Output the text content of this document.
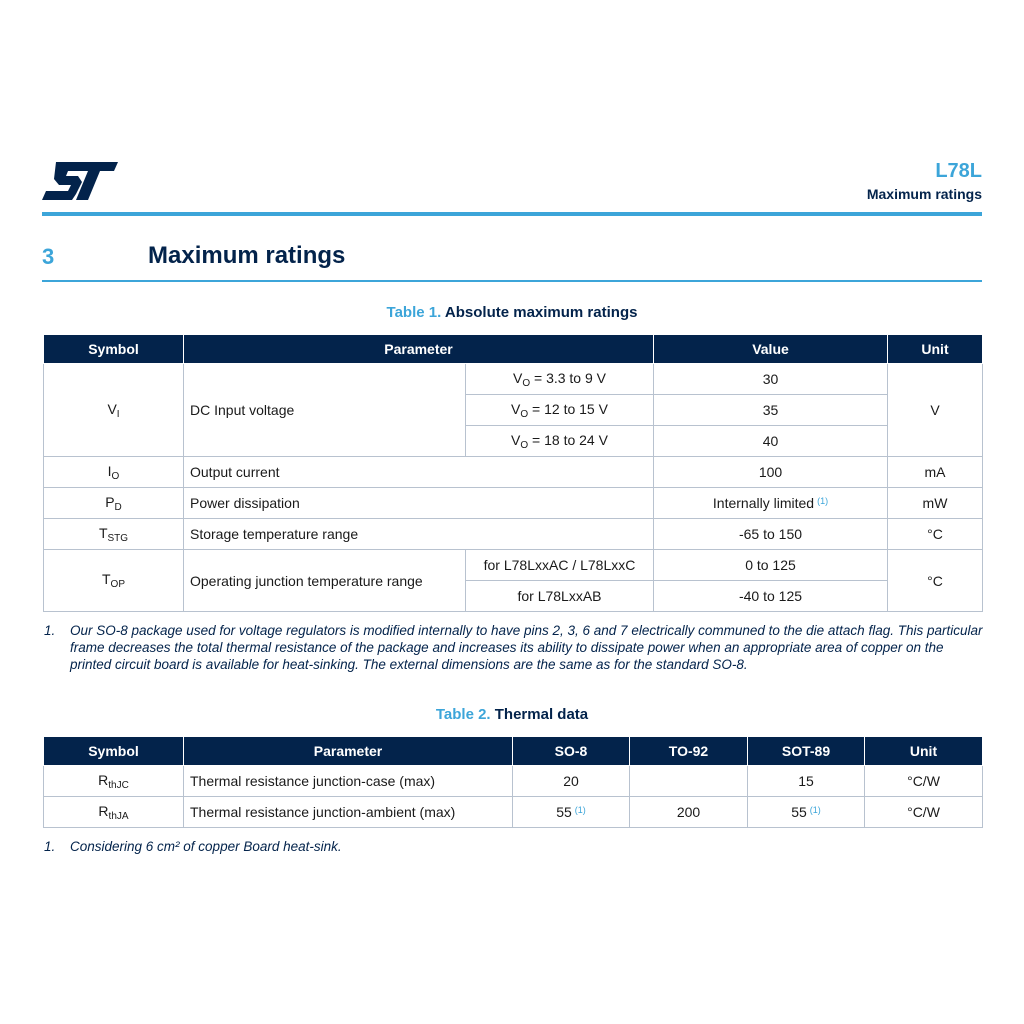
L78L
Maximum ratings
3	Maximum ratings
Table 1. Absolute maximum ratings
Symbol	Parameter		Value	Unit
$V_I$	DC Input voltage	$V_O = 3.3$ to 9 V	30	V
		$V_O = 12$ to 15 V	35	
		$V_O = 18$ to 24 V	40	
$I_O$	Output current		100	mA
$P_D$	Power dissipation		Internally limited $^{(1)}$	mW
$T_{STG}$	Storage temperature range		-65 to 150	°C
$T_{OP}$	Operating junction temperature range	for L78LxxAC / L78LxxC	0 to 125	°C
		for L78LxxAB	-40 to 125	
1. Our SO-8 package used for voltage regulators is modified internally to have pins 2, 3, 6 and 7 electrically communed to the die attach flag. This particular frame decreases the total thermal resistance of the package and increases its ability to dissipate power when an appropriate area of copper on the printed circuit board is available for heat-sinking. The external dimensions are the same as for the standard SO-8.
Table 2. Thermal data
Symbol	Parameter	SO-8	TO-92	SOT-89	Unit
$R_{thJC}$	Thermal resistance junction-case (max)	20		15	°C/W
$R_{thJA}$	Thermal resistance junction-ambient (max)	55 $^{(1)}$	200	55 $^{(1)}$	°C/W
1. Considering 6 cm² of copper Board heat-sink.
